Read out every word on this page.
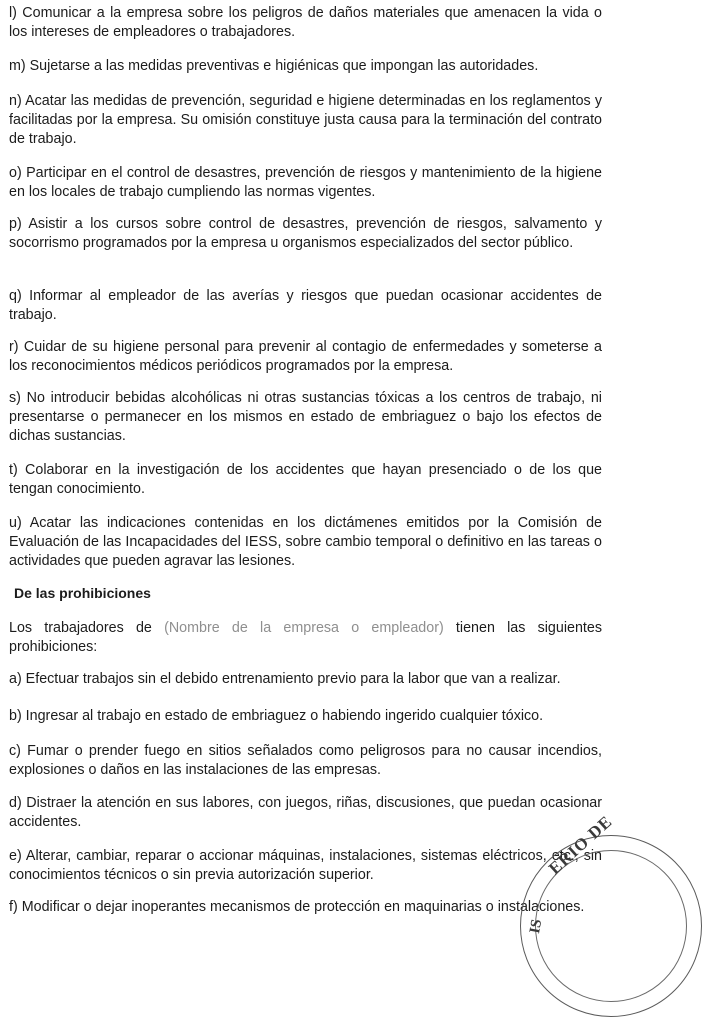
l) Comunicar a la empresa sobre los peligros de daños materiales que amenacen la vida o los intereses de empleadores o trabajadores.

m) Sujetarse a las medidas preventivas e higiénicas que impongan las autoridades.

n) Acatar las medidas de prevención, seguridad e higiene determinadas en los reglamentos y facilitadas por la empresa. Su omisión constituye justa causa para la terminación del contrato de trabajo.

o) Participar en el control de desastres, prevención de riesgos y mantenimiento de la higiene en los locales de trabajo cumpliendo las normas vigentes.

p) Asistir a los cursos sobre control de desastres, prevención de riesgos, salvamento y socorrismo programados por la empresa u organismos especializados del sector público.

q) Informar al empleador de las averías y riesgos que puedan ocasionar accidentes de trabajo.

r) Cuidar de su higiene personal para prevenir al contagio de enfermedades y someterse a los reconocimientos médicos periódicos programados por la empresa.

s) No introducir bebidas alcohólicas ni otras sustancias tóxicas a los centros de trabajo, ni presentarse o permanecer en los mismos en estado de embriaguez o bajo los efectos de dichas sustancias.

t) Colaborar en la investigación de los accidentes que hayan presenciado o de los que tengan conocimiento.

u) Acatar las indicaciones contenidas en los dictámenes emitidos por la Comisión de Evaluación de las Incapacidades del IESS, sobre cambio temporal o definitivo en las tareas o actividades que pueden agravar las lesiones.

De las prohibiciones

Los trabajadores de (Nombre de la empresa o empleador) tienen las siguientes prohibiciones:

a) Efectuar trabajos sin el debido entrenamiento previo para la labor que van a realizar.

b) Ingresar al trabajo en estado de embriaguez o habiendo ingerido cualquier tóxico.

c) Fumar o prender fuego en sitios señalados como peligrosos para no causar incendios, explosiones o daños en las instalaciones de las empresas.

d) Distraer la atención en sus labores, con juegos, riñas, discusiones, que puedan ocasionar accidentes.

e) Alterar, cambiar, reparar o accionar máquinas, instalaciones, sistemas eléctricos, etc., sin conocimientos técnicos o sin previa autorización superior.

f) Modificar o dejar inoperantes mecanismos de protección en maquinarias o instalaciones.

ERIO DE
IS
